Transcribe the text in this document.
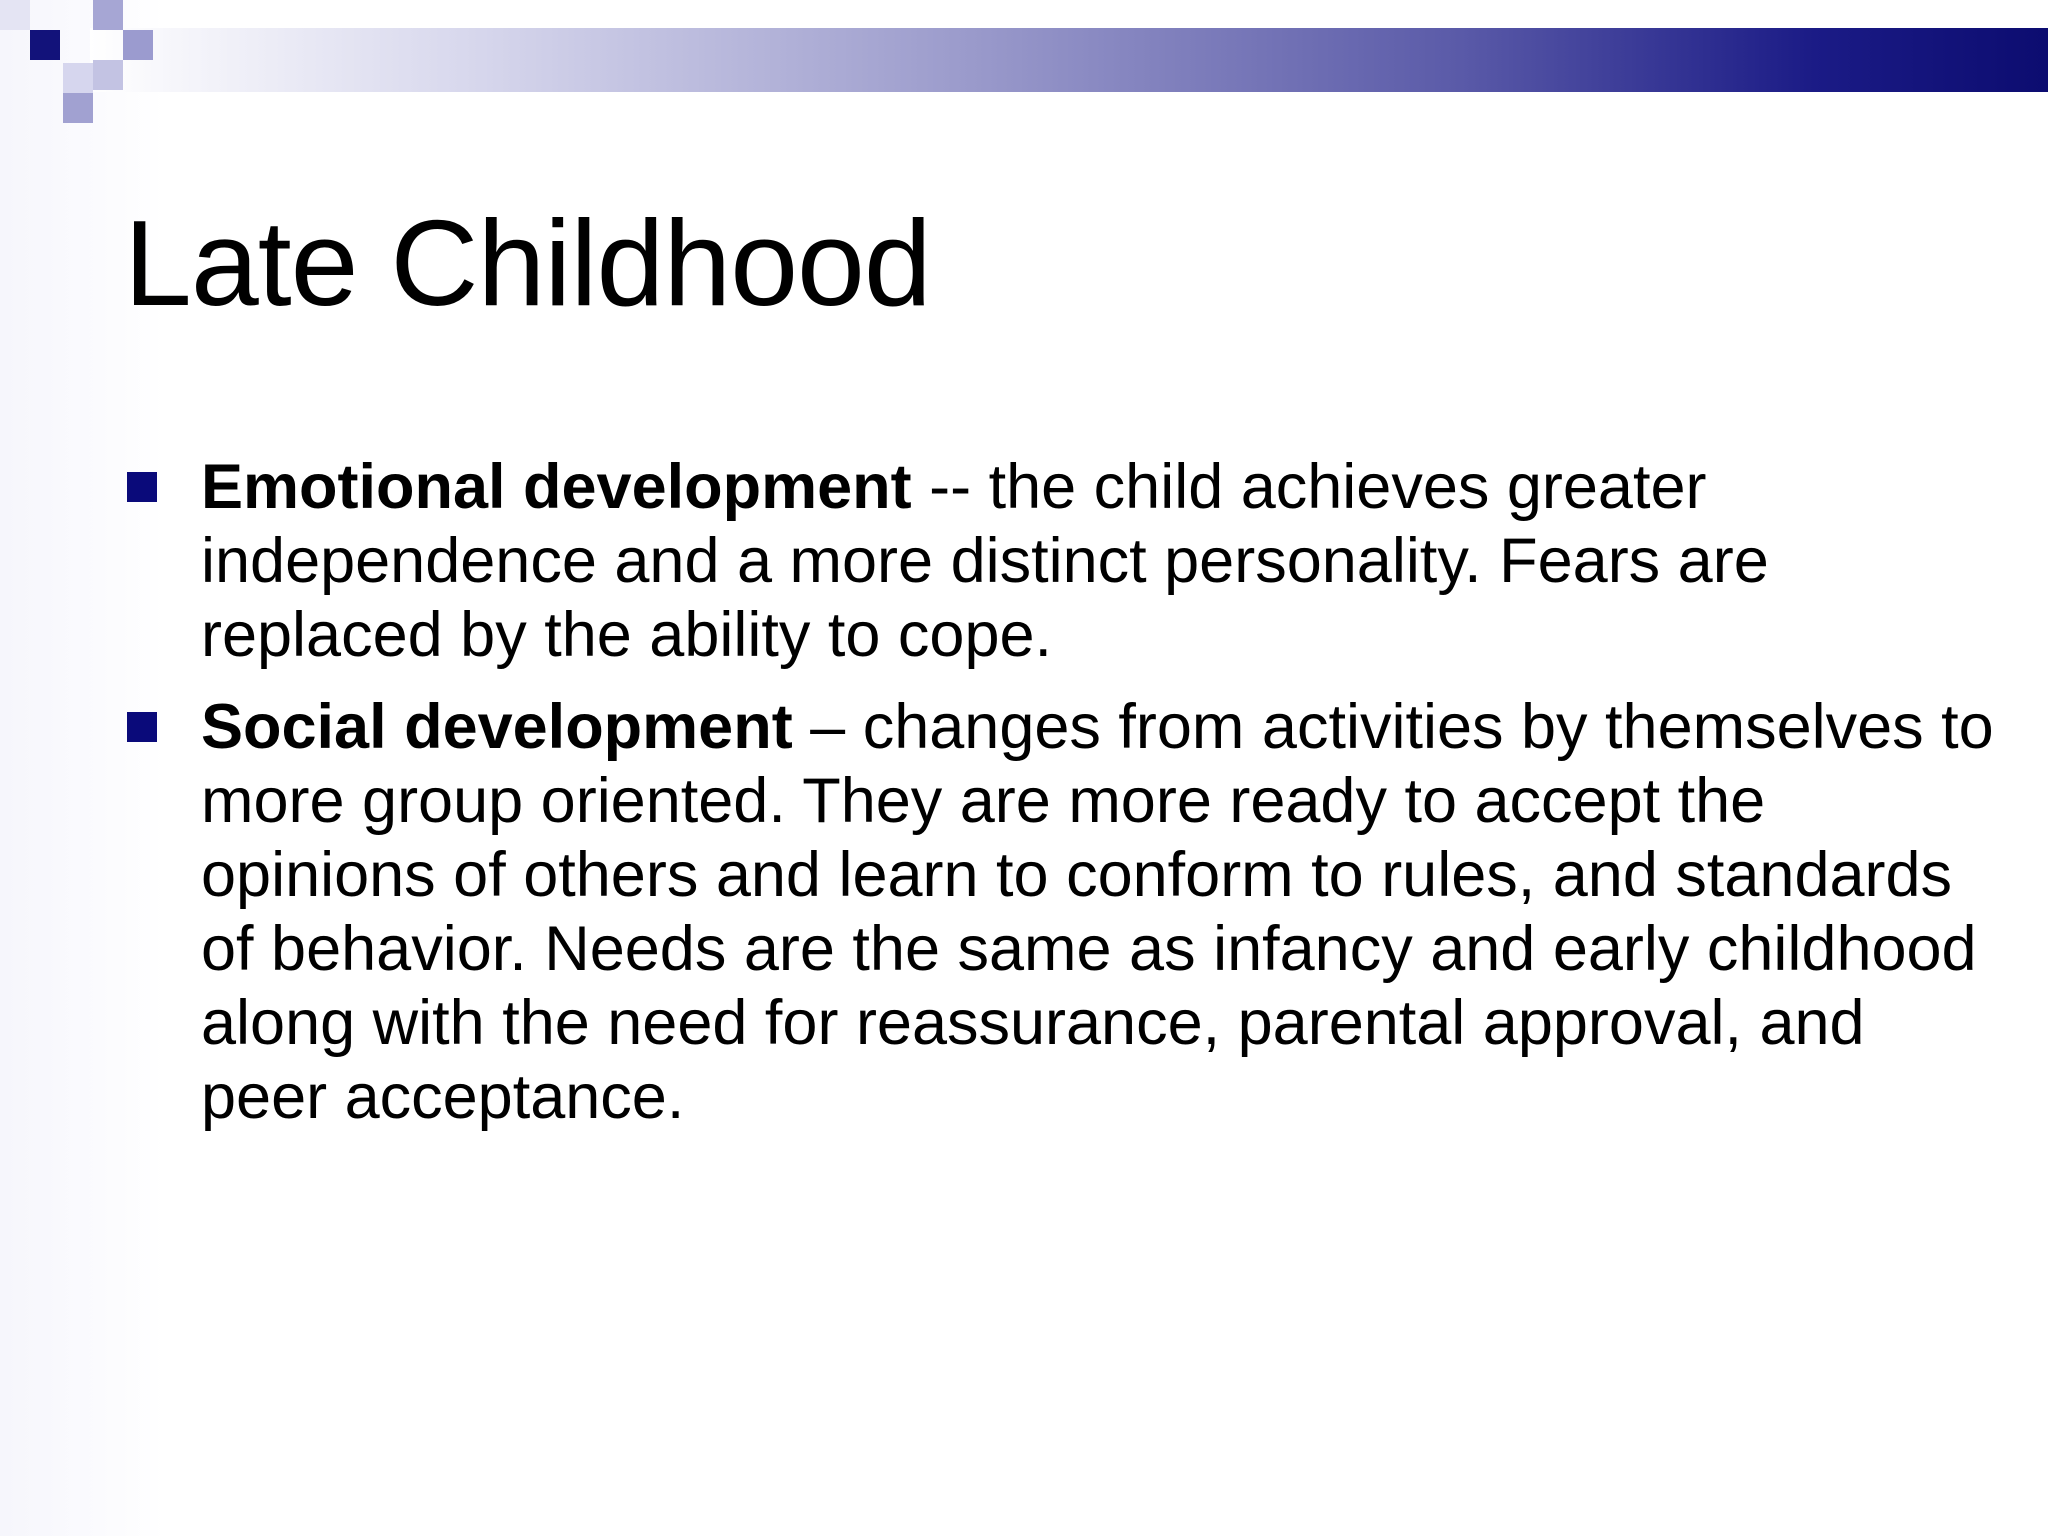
Late Childhood
Emotional development -- the child achieves greater independence and a more distinct personality. Fears are replaced by the ability to cope.
Social development – changes from activities by themselves to more group oriented. They are more ready to accept the opinions of others and learn to conform to rules, and standards of behavior. Needs are the same as infancy and early childhood along with the need for reassurance, parental approval, and peer acceptance.
